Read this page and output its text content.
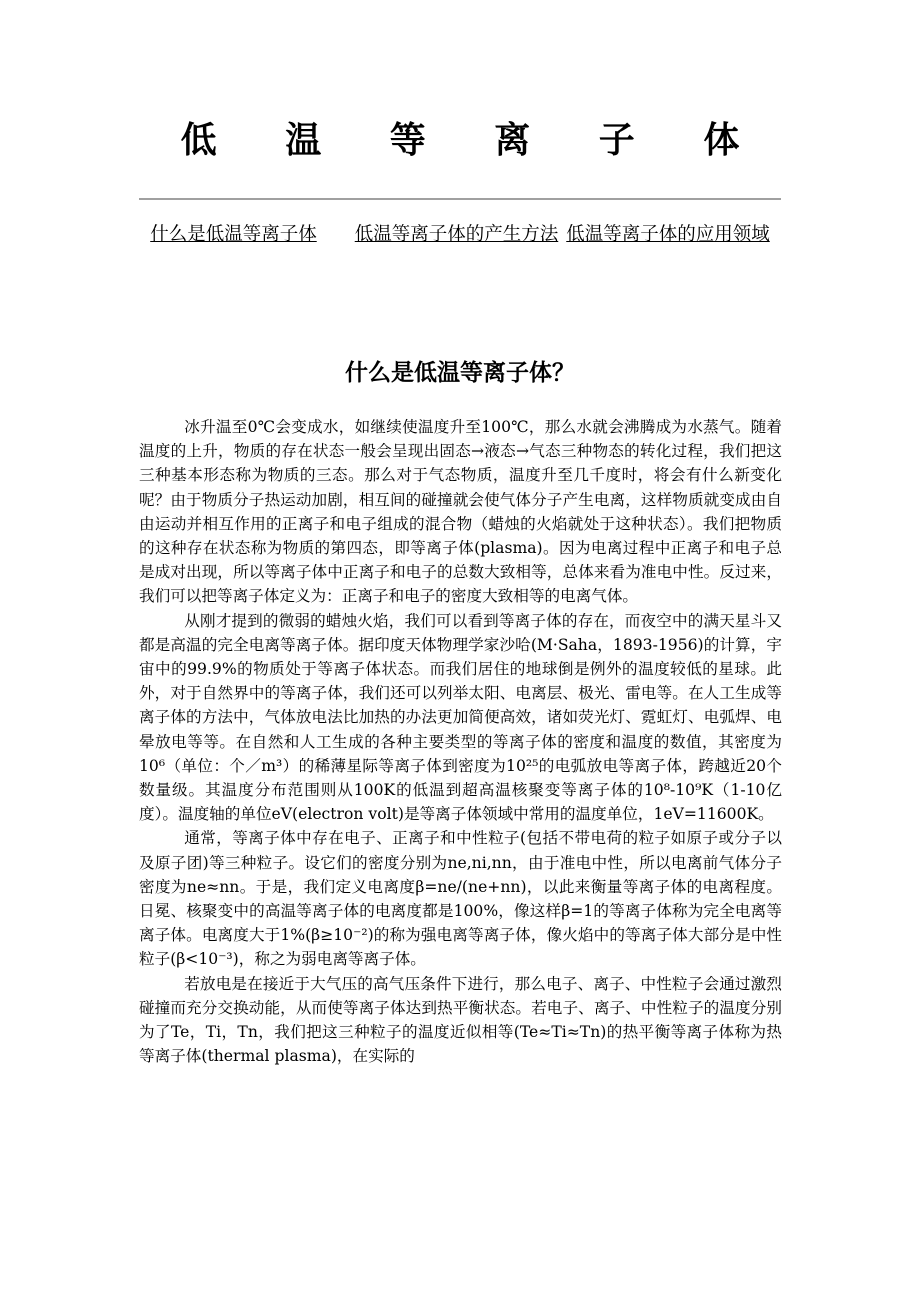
低 温 等 离 子 体
什么是低温等离子体 低温等离子体的产生方法 低温等离子体的应用领域
什么是低温等离子体？

冰升温至0℃会变成水，如继续使温度升至100℃，那么水就会沸腾成为水蒸气。随着温度的上升，物质的存在状态一般会呈现出固态→液态→气态三种物态的转化过程，我们把这三种基本形态称为物质的三态。那么对于气态物质，温度升至几千度时，将会有什么新变化呢？由于物质分子热运动加剧，相互间的碰撞就会使气体分子产生电离，这样物质就变成由自由运动并相互作用的正离子和电子组成的混合物（蜡烛的火焰就处于这种状态）。我们把物质的这种存在状态称为物质的第四态，即等离子体(plasma)。因为电离过程中正离子和电子总是成对出现，所以等离子体中正离子和电子的总数大致相等，总体来看为准电中性。反过来，我们可以把等离子体定义为：正离子和电子的密度大致相等的电离气体。

从刚才提到的微弱的蜡烛火焰，我们可以看到等离子体的存在，而夜空中的满天星斗又都是高温的完全电离等离子体。据印度天体物理学家沙哈(M·Saha，1893-1956)的计算，宇宙中的99.9%的物质处于等离子体状态。而我们居住的地球倒是例外的温度较低的星球。此外，对于自然界中的等离子体，我们还可以列举太阳、电离层、极光、雷电等。在人工生成等离子体的方法中，气体放电法比加热的办法更加简便高效，诸如荧光灯、霓虹灯、电弧焊、电晕放电等等。在自然和人工生成的各种主要类型的等离子体的密度和温度的数值，其密度为10⁶（单位：个／m³）的稀薄星际等离子体到密度为10²⁵的电弧放电等离子体，跨越近20个数量级。其温度分布范围则从100K的低温到超高温核聚变等离子体的10⁸-10⁹K（1-10亿度）。温度轴的单位eV(electron volt)是等离子体领域中常用的温度单位，1eV=11600K。

通常，等离子体中存在电子、正离子和中性粒子(包括不带电荷的粒子如原子或分子以及原子团)等三种粒子。设它们的密度分别为ne,ni,nn，由于准电中性，所以电离前气体分子密度为ne≈nn。于是，我们定义电离度β=ne/(ne+nn)，以此来衡量等离子体的电离程度。日冕、核聚变中的高温等离子体的电离度都是100%，像这样β=1的等离子体称为完全电离等离子体。电离度大于1%(β≥10⁻²)的称为强电离等离子体，像火焰中的等离子体大部分是中性粒子(β<10⁻³)，称之为弱电离等离子体。

若放电是在接近于大气压的高气压条件下进行，那么电子、离子、中性粒子会通过激烈碰撞而充分交换动能，从而使等离子体达到热平衡状态。若电子、离子、中性粒子的温度分别为了Te，Ti，Tn，我们把这三种粒子的温度近似相等(Te≈Ti≈Tn)的热平衡等离子体称为热等离子体(thermal plasma)，在实际的
